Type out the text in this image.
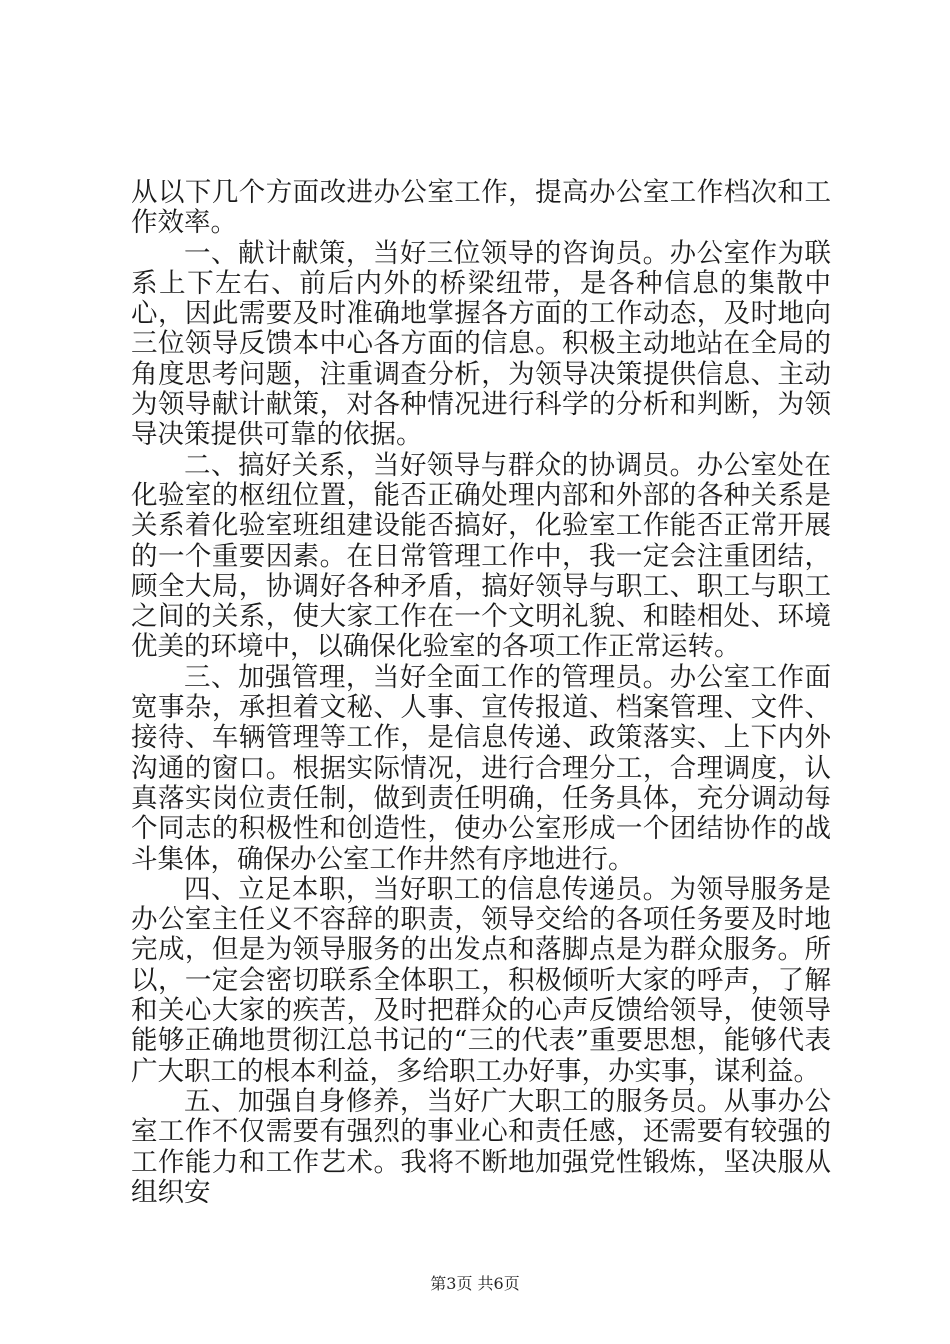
从以下几个方面改进办公室工作，提高办公室工作档次和工作效率。

一、献计献策，当好三位领导的咨询员。办公室作为联系上下左右、前后内外的桥梁纽带，是各种信息的集散中心，因此需要及时准确地掌握各方面的工作动态，及时地向三位领导反馈本中心各方面的信息。积极主动地站在全局的角度思考问题，注重调查分析，为领导决策提供信息、主动为领导献计献策，对各种情况进行科学的分析和判断，为领导决策提供可靠的依据。

二、搞好关系，当好领导与群众的协调员。办公室处在化验室的枢纽位置，能否正确处理内部和外部的各种关系是关系着化验室班组建设能否搞好，化验室工作能否正常开展的一个重要因素。在日常管理工作中，我一定会注重团结，顾全大局，协调好各种矛盾，搞好领导与职工、职工与职工之间的关系，使大家工作在一个文明礼貌、和睦相处、环境优美的环境中，以确保化验室的各项工作正常运转。

三、加强管理，当好全面工作的管理员。办公室工作面宽事杂，承担着文秘、人事、宣传报道、档案管理、文件、接待、车辆管理等工作，是信息传递、政策落实、上下内外沟通的窗口。根据实际情况，进行合理分工，合理调度，认真落实岗位责任制，做到责任明确，任务具体，充分调动每个同志的积极性和创造性，使办公室形成一个团结协作的战斗集体，确保办公室工作井然有序地进行。

四、立足本职，当好职工的信息传递员。为领导服务是办公室主任义不容辞的职责，领导交给的各项任务要及时地完成，但是为领导服务的出发点和落脚点是为群众服务。所以，一定会密切联系全体职工，积极倾听大家的呼声，了解和关心大家的疾苦，及时把群众的心声反馈给领导，使领导能够正确地贯彻江总书记的“三的代表”重要思想，能够代表广大职工的根本利益，多给职工办好事，办实事，谋利益。

五、加强自身修养，当好广大职工的服务员。从事办公室工作不仅需要有强烈的事业心和责任感，还需要有较强的工作能力和工作艺术。我将不断地加强党性锻炼，坚决服从组织安

第3页 共6页
